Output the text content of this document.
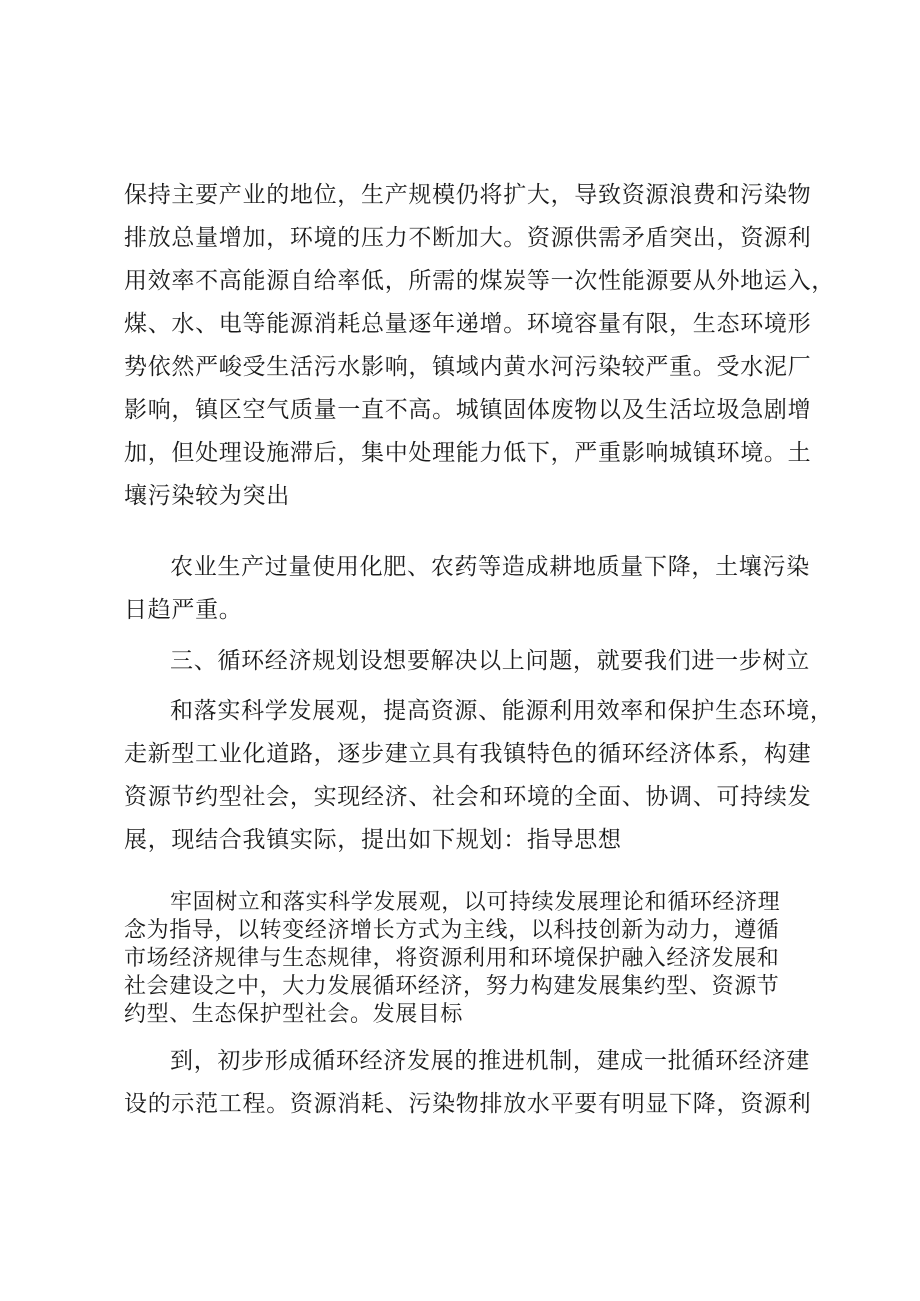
保持主要产业的地位，生产规模仍将扩大，导致资源浪费和污染物
排放总量增加，环境的压力不断加大。资源供需矛盾突出，资源利
用效率不高能源自给率低，所需的煤炭等一次性能源要从外地运入，
煤、水、电等能源消耗总量逐年递增。环境容量有限，生态环境形
势依然严峻受生活污水影响，镇域内黄水河污染较严重。受水泥厂
影响，镇区空气质量一直不高。城镇固体废物以及生活垃圾急剧增
加，但处理设施滞后，集中处理能力低下，严重影响城镇环境。土
壤污染较为突出
农业生产过量使用化肥、农药等造成耕地质量下降，土壤污染
日趋严重。
三、循环经济规划设想要解决以上问题，就要我们进一步树立
和落实科学发展观，提高资源、能源利用效率和保护生态环境，
走新型工业化道路，逐步建立具有我镇特色的循环经济体系，构建
资源节约型社会，实现经济、社会和环境的全面、协调、可持续发
展，现结合我镇实际，提出如下规划：指导思想
牢固树立和落实科学发展观，以可持续发展理论和循环经济理
念为指导，以转变经济增长方式为主线，以科技创新为动力，遵循
市场经济规律与生态规律，将资源利用和环境保护融入经济发展和
社会建设之中，大力发展循环经济，努力构建发展集约型、资源节
约型、生态保护型社会。发展目标
到，初步形成循环经济发展的推进机制，建成一批循环经济建
设的示范工程。资源消耗、污染物排放水平要有明显下降，资源利
